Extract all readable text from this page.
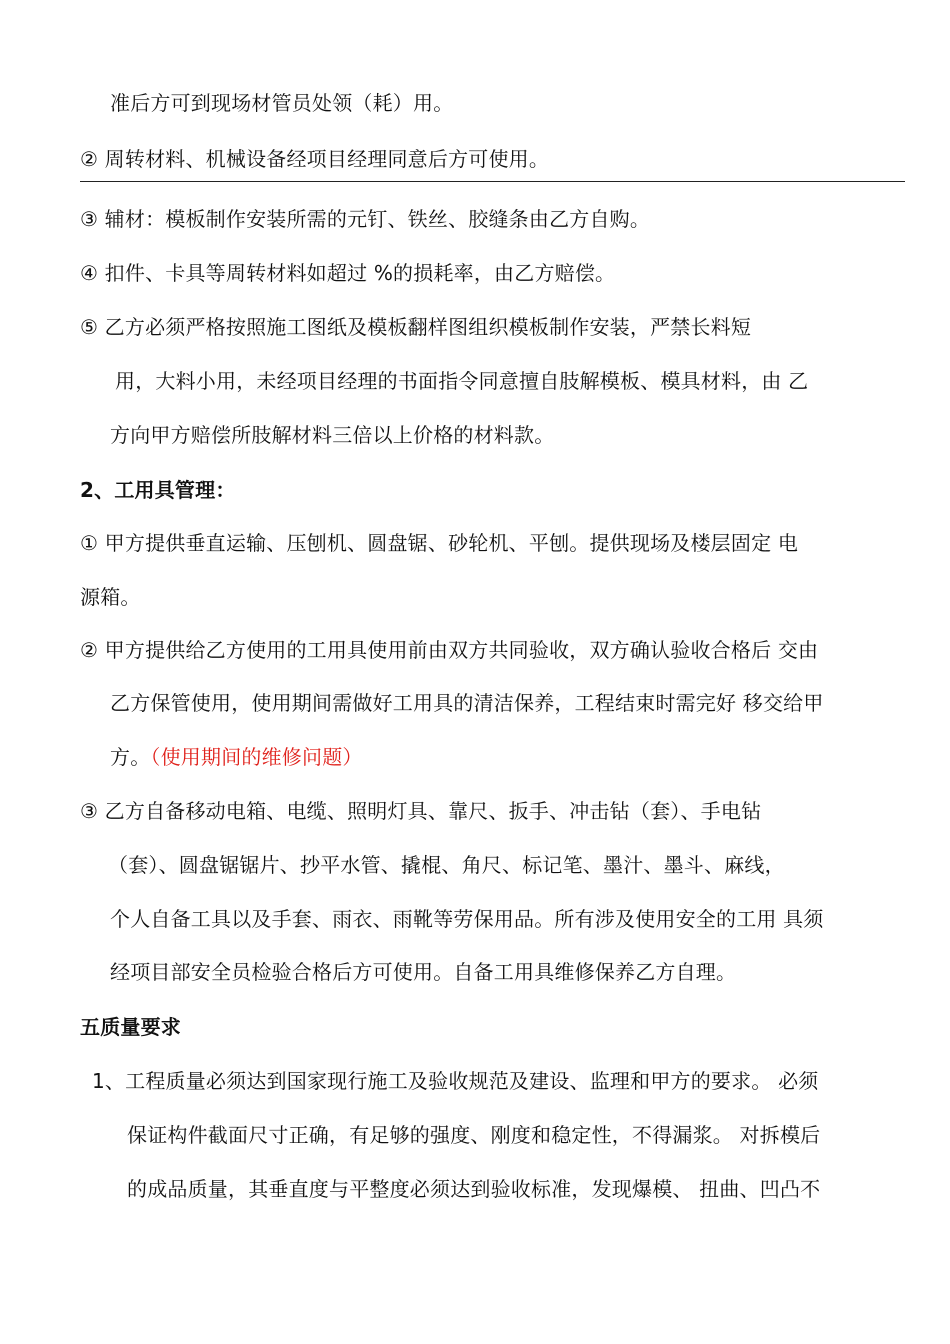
准后方可到现场材管员处领（耗）用。
② 周转材料、机械设备经项目经理同意后方可使用。
③ 辅材：模板制作安装所需的元钉、铁丝、胶缝条由乙方自购。
④ 扣件、卡具等周转材料如超过 %的损耗率，由乙方赔偿。
⑤ 乙方必须严格按照施工图纸及模板翻样图组织模板制作安装，严禁长料短
用，大料小用，未经项目经理的书面指令同意擅自肢解模板、模具材料，由 乙
方向甲方赔偿所肢解材料三倍以上价格的材料款。
2、工用具管理：
① 甲方提供垂直运输、压刨机、圆盘锯、砂轮机、平刨。提供现场及楼层固定 电
源箱。
② 甲方提供给乙方使用的工用具使用前由双方共同验收，双方确认验收合格后 交由
乙方保管使用，使用期间需做好工用具的清洁保养，工程结束时需完好 移交给甲
方。（使用期间的维修问题）
③ 乙方自备移动电箱、电缆、照明灯具、靠尺、扳手、冲击钻（套）、手电钻
（套）、圆盘锯锯片、抄平水管、撬棍、角尺、标记笔、墨汁、墨斗、麻线，
个人自备工具以及手套、雨衣、雨靴等劳保用品。所有涉及使用安全的工用 具须
经项目部安全员检验合格后方可使用。自备工用具维修保养乙方自理。
五质量要求
1、工程质量必须达到国家现行施工及验收规范及建设、监理和甲方的要求。 必须
保证构件截面尺寸正确，有足够的强度、刚度和稳定性，不得漏浆。 对拆模后
的成品质量，其垂直度与平整度必须达到验收标准，发现爆模、 扭曲、凹凸不
